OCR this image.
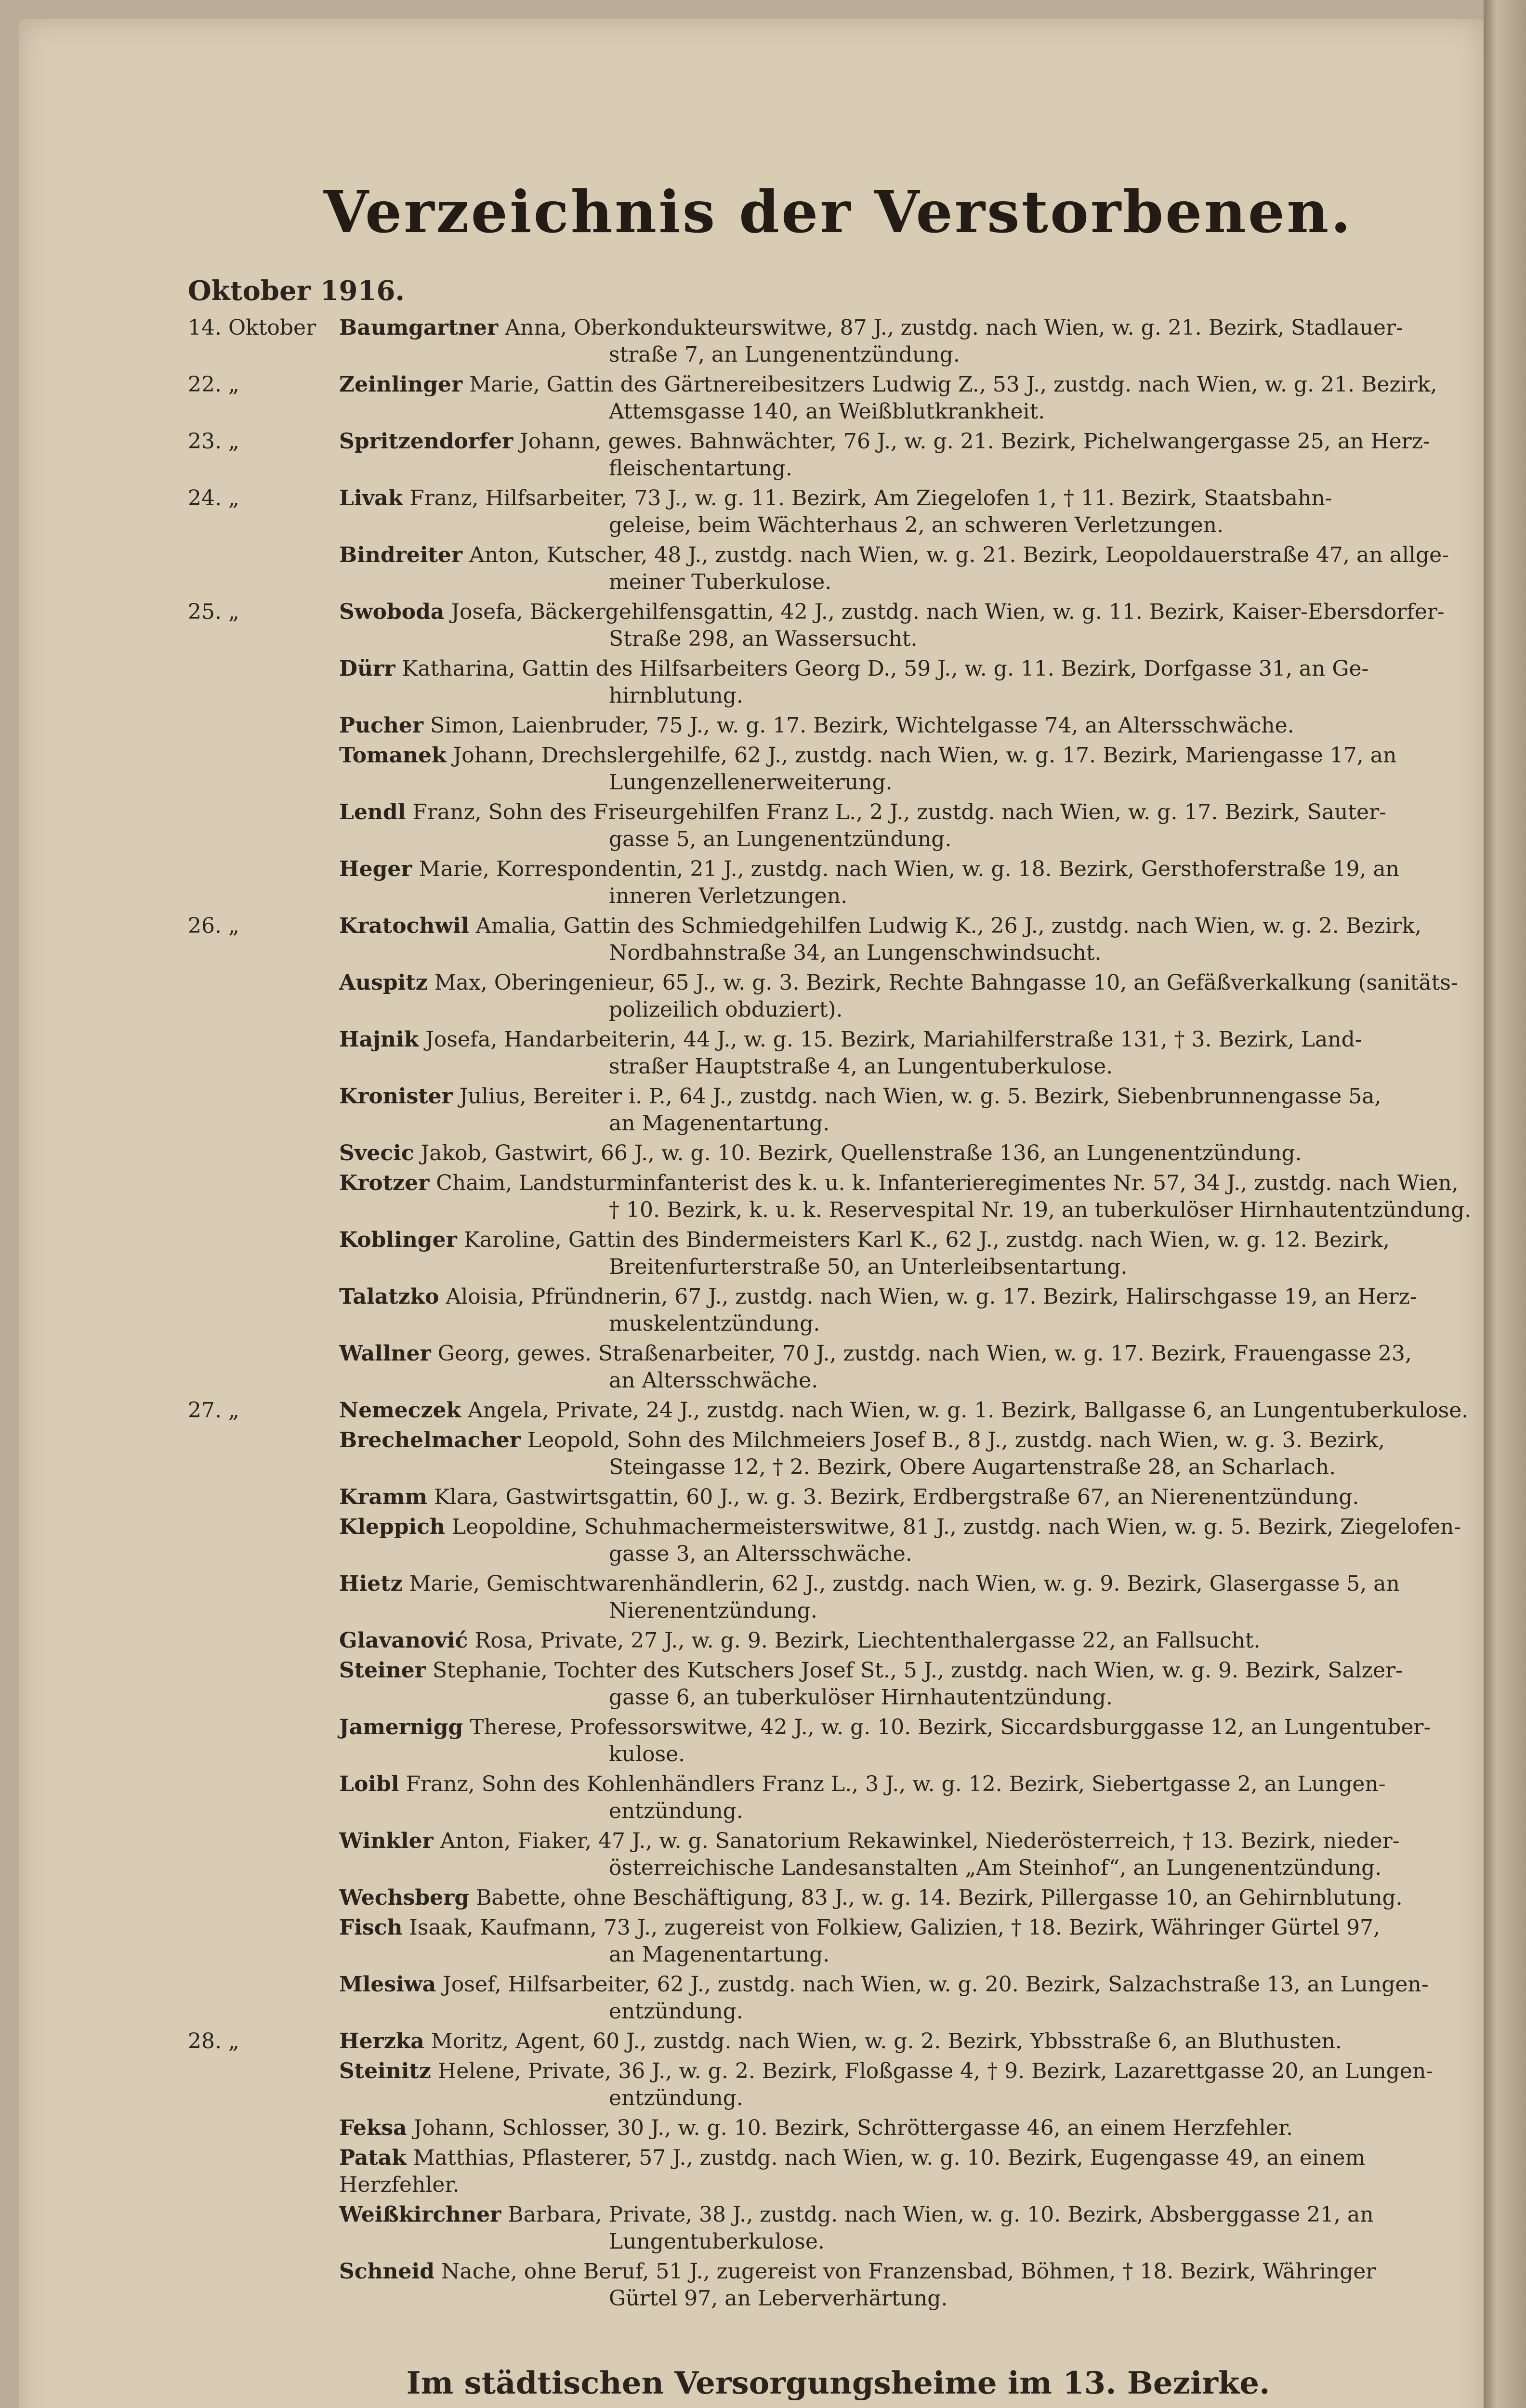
Verzeichnis der Verstorbenen.
Oktober 1916.
14. Oktober	Baumgartner Anna, Oberkondukteurswitwe, 87 J., zustdg. nach Wien, w. g. 21. Bezirk, Stadlauer-
straße 7, an Lungenentzündung.
22. „	Zeinlinger Marie, Gattin des Gärtnereibesitzers Ludwig Z., 53 J., zustdg. nach Wien, w. g. 21. Bezirk,
Attemsgasse 140, an Weißblutkrankheit.
23. „	Spritzendorfer Johann, gewes. Bahnwächter, 76 J., w. g. 21. Bezirk, Pichelwangergasse 25, an Herz-
fleischentartung.
24. „	Livak Franz, Hilfsarbeiter, 73 J., w. g. 11. Bezirk, Am Ziegelofen 1, † 11. Bezirk, Staatsbahn-
geleise, beim Wächterhaus 2, an schweren Verletzungen.
Bindreiter Anton, Kutscher, 48 J., zustdg. nach Wien, w. g. 21. Bezirk, Leopoldauerstraße 47, an allge-
meiner Tuberkulose.
25. „	Swoboda Josefa, Bäckergehilfensgattin, 42 J., zustdg. nach Wien, w. g. 11. Bezirk, Kaiser-Ebersdorfer-
Straße 298, an Wassersucht.
Dürr Katharina, Gattin des Hilfsarbeiters Georg D., 59 J., w. g. 11. Bezirk, Dorfgasse 31, an Ge-
hirnblutung.
Pucher Simon, Laienbruder, 75 J., w. g. 17. Bezirk, Wichtelgasse 74, an Altersschwäche.
Tomanek Johann, Drechslergehilfe, 62 J., zustdg. nach Wien, w. g. 17. Bezirk, Mariengasse 17, an
Lungenzellenerweiterung.
Lendl Franz, Sohn des Friseurgehilfen Franz L., 2 J., zustdg. nach Wien, w. g. 17. Bezirk, Sauter-
gasse 5, an Lungenentzündung.
Heger Marie, Korrespondentin, 21 J., zustdg. nach Wien, w. g. 18. Bezirk, Gersthoferstraße 19, an
inneren Verletzungen.
26. „	Kratochwil Amalia, Gattin des Schmiedgehilfen Ludwig K., 26 J., zustdg. nach Wien, w. g. 2. Bezirk,
Nordbahnstraße 34, an Lungenschwindsucht.
Auspitz Max, Oberingenieur, 65 J., w. g. 3. Bezirk, Rechte Bahngasse 10, an Gefäßverkalkung (sanitäts-
polizeilich obduziert).
Hajnik Josefa, Handarbeiterin, 44 J., w. g. 15. Bezirk, Mariahilferstraße 131, † 3. Bezirk, Land-
straßer Hauptstraße 4, an Lungentuberkulose.
Kronister Julius, Bereiter i. P., 64 J., zustdg. nach Wien, w. g. 5. Bezirk, Siebenbrunnengasse 5a,
an Magenentartung.
Svecic Jakob, Gastwirt, 66 J., w. g. 10. Bezirk, Quellenstraße 136, an Lungenentzündung.
Krotzer Chaim, Landsturminfanterist des k. u. k. Infanterieregimentes Nr. 57, 34 J., zustdg. nach Wien,
† 10. Bezirk, k. u. k. Reservespital Nr. 19, an tuberkulöser Hirnhautentzündung.
Koblinger Karoline, Gattin des Bindermeisters Karl K., 62 J., zustdg. nach Wien, w. g. 12. Bezirk,
Breitenfurterstraße 50, an Unterleibsentartung.
Talatzko Aloisia, Pfründnerin, 67 J., zustdg. nach Wien, w. g. 17. Bezirk, Halirschgasse 19, an Herz-
muskelentzündung.
Wallner Georg, gewes. Straßenarbeiter, 70 J., zustdg. nach Wien, w. g. 17. Bezirk, Frauengasse 23,
an Altersschwäche.
27. „	Nemeczek Angela, Private, 24 J., zustdg. nach Wien, w. g. 1. Bezirk, Ballgasse 6, an Lungentuberkulose.
Brechelmacher Leopold, Sohn des Milchmeiers Josef B., 8 J., zustdg. nach Wien, w. g. 3. Bezirk,
Steingasse 12, † 2. Bezirk, Obere Augartenstraße 28, an Scharlach.
Kramm Klara, Gastwirtsgattin, 60 J., w. g. 3. Bezirk, Erdbergstraße 67, an Nierenentzündung.
Kleppich Leopoldine, Schuhmachermeisterswitwe, 81 J., zustdg. nach Wien, w. g. 5. Bezirk, Ziegelofen-
gasse 3, an Altersschwäche.
Hietz Marie, Gemischtwarenhändlerin, 62 J., zustdg. nach Wien, w. g. 9. Bezirk, Glasergasse 5, an
Nierenentzündung.
Glavanović Rosa, Private, 27 J., w. g. 9. Bezirk, Liechtenthalergasse 22, an Fallsucht.
Steiner Stephanie, Tochter des Kutschers Josef St., 5 J., zustdg. nach Wien, w. g. 9. Bezirk, Salzer-
gasse 6, an tuberkulöser Hirnhautentzündung.
Jamernigg Therese, Professorswitwe, 42 J., w. g. 10. Bezirk, Siccardsburggasse 12, an Lungentuber-
kulose.
Loibl Franz, Sohn des Kohlenhändlers Franz L., 3 J., w. g. 12. Bezirk, Siebertgasse 2, an Lungen-
entzündung.
Winkler Anton, Fiaker, 47 J., w. g. Sanatorium Rekawinkel, Niederösterreich, † 13. Bezirk, nieder-
österreichische Landesanstalten „Am Steinhof“, an Lungenentzündung.
Wechsberg Babette, ohne Beschäftigung, 83 J., w. g. 14. Bezirk, Pillergasse 10, an Gehirnblutung.
Fisch Isaak, Kaufmann, 73 J., zugereist von Folkiew, Galizien, † 18. Bezirk, Währinger Gürtel 97,
an Magenentartung.
Mlesiwa Josef, Hilfsarbeiter, 62 J., zustdg. nach Wien, w. g. 20. Bezirk, Salzachstraße 13, an Lungen-
entzündung.
28. „	Herzka Moritz, Agent, 60 J., zustdg. nach Wien, w. g. 2. Bezirk, Ybbsstraße 6, an Bluthusten.
Steinitz Helene, Private, 36 J., w. g. 2. Bezirk, Floßgasse 4, † 9. Bezirk, Lazarettgasse 20, an Lungen-
entzündung.
Feksa Johann, Schlosser, 30 J., w. g. 10. Bezirk, Schröttergasse 46, an einem Herzfehler.
Patak Matthias, Pflasterer, 57 J., zustdg. nach Wien, w. g. 10. Bezirk, Eugengasse 49, an einem Herzfehler.
Weißkirchner Barbara, Private, 38 J., zustdg. nach Wien, w. g. 10. Bezirk, Absberggasse 21, an
Lungentuberkulose.
Schneid Nache, ohne Beruf, 51 J., zugereist von Franzensbad, Böhmen, † 18. Bezirk, Währinger
Gürtel 97, an Leberverhärtung.
Im städtischen Versorgungsheime im 13. Bezirke.
